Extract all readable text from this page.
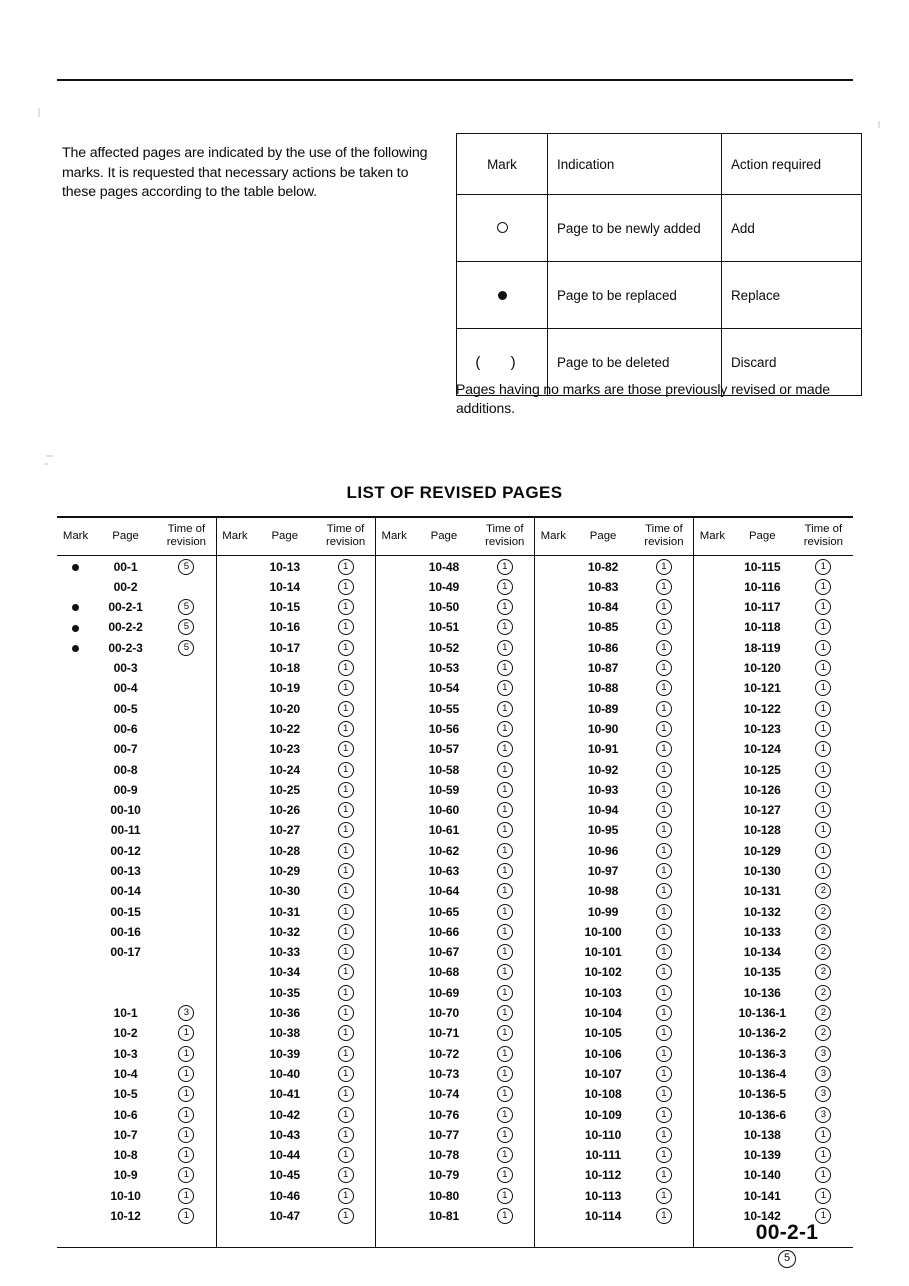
The affected pages are indicated by the use of the following marks. It is requested that necessary actions be taken to these pages according to the table below.

Mark	Indication	Action required
	Page to be newly added	Add
	Page to be replaced	Replace
( )	Page to be deleted	Discard

Pages having no marks are those previously revised or made additions.

LIST OF REVISED PAGES
Mark	Page	
Time of
revision
	Mark	Page	
Time of
revision
	Mark	Page	
Time of
revision
	Mark	Page	
Time of
revision
	Mark	Page	
Time of
revision

	00-1	5		10-13	1		10-48	1		10-82	1		10-115	1
	00-2			10-14	1		10-49	1		10-83	1		10-116	1
	00-2-1	5		10-15	1		10-50	1		10-84	1		10-117	1
	00-2-2	5		10-16	1		10-51	1		10-85	1		10-118	1
	00-2-3	5		10-17	1		10-52	1		10-86	1		18-119	1
	00-3			10-18	1		10-53	1		10-87	1		10-120	1
	00-4			10-19	1		10-54	1		10-88	1		10-121	1
	00-5			10-20	1		10-55	1		10-89	1		10-122	1
	00-6			10-22	1		10-56	1		10-90	1		10-123	1
	00-7			10-23	1		10-57	1		10-91	1		10-124	1
	00-8			10-24	1		10-58	1		10-92	1		10-125	1
	00-9			10-25	1		10-59	1		10-93	1		10-126	1
	00-10			10-26	1		10-60	1		10-94	1		10-127	1
	00-11			10-27	1		10-61	1		10-95	1		10-128	1
	00-12			10-28	1		10-62	1		10-96	1		10-129	1
	00-13			10-29	1		10-63	1		10-97	1		10-130	1
	00-14			10-30	1		10-64	1		10-98	1		10-131	2
	00-15			10-31	1		10-65	1		10-99	1		10-132	2
	00-16			10-32	1		10-66	1		10-100	1		10-133	2
	00-17			10-33	1		10-67	1		10-101	1		10-134	2
				10-34	1		10-68	1		10-102	1		10-135	2
				10-35	1		10-69	1		10-103	1		10-136	2
	10-1	3		10-36	1		10-70	1		10-104	1		10-136-1	2
	10-2	1		10-38	1		10-71	1		10-105	1		10-136-2	2
	10-3	1		10-39	1		10-72	1		10-106	1		10-136-3	3
	10-4	1		10-40	1		10-73	1		10-107	1		10-136-4	3
	10-5	1		10-41	1		10-74	1		10-108	1		10-136-5	3
	10-6	1		10-42	1		10-76	1		10-109	1		10-136-6	3
	10-7	1		10-43	1		10-77	1		10-110	1		10-138	1
	10-8	1		10-44	1		10-78	1		10-111	1		10-139	1
	10-9	1		10-45	1		10-79	1		10-112	1		10-140	1
	10-10	1		10-46	1		10-80	1		10-113	1		10-141	1
	10-12	1		10-47	1		10-81	1		10-114	1		10-142	1

00-2-1
5
